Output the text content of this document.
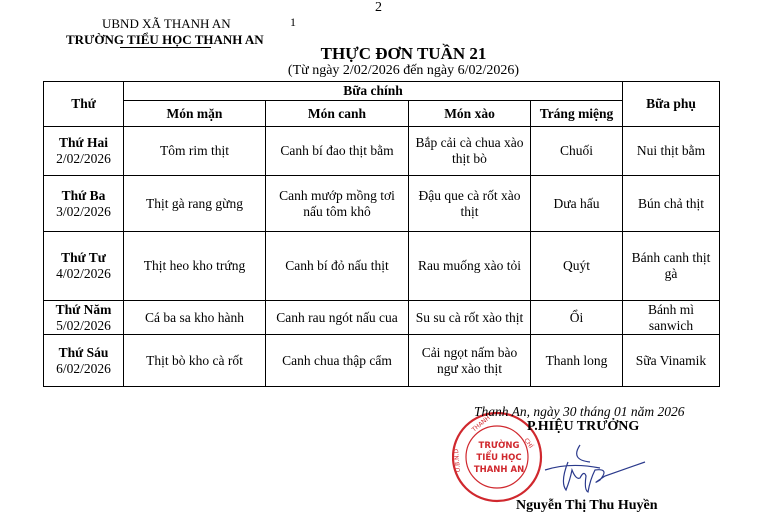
2
UBND XÃ THANH AN	1
TRƯỜNG TIỂU HỌC THANH AN
THỰC ĐƠN TUẦN 21
(Từ ngày 2/02/2026 đến ngày 6/02/2026)
Thứ	Bữa chính				Bữa phụ
	Món mặn	Món canh	Món xào	Tráng miệng	

Thứ Hai
2/02/2026	Tôm rim thịt	Canh bí đao thịt bằm	Bắp cải cà chua xào thịt bò	Chuối	Nui thịt bằm

Thứ Ba
3/02/2026	Thịt gà rang gừng	Canh mướp mồng tơi nấu tôm khô	Đậu que cà rốt xào thịt	Dưa hấu	Bún chả thịt

Thứ Tư
4/02/2026	Thịt heo kho trứng	Canh bí đỏ nấu thịt	Rau muống xào tỏi	Quýt	Bánh canh thịt gà

Thứ Năm
5/02/2026	Cá ba sa kho hành	Canh rau ngót nấu cua	Su su cà rốt xào thịt	Ổi	Bánh mì sanwich

Thứ Sáu
6/02/2026	Thịt bò kho cà rốt	Canh chua thập cẩm	Cải ngọt nấm bào ngư xào thịt	Thanh long	Sữa Vinamik
TRƯỜNG
TIỂU HỌC
THANH AN
THANH
CHÍ
U.B.N.D
Thanh An, ngày 30 tháng 01 năm 2026
P.HIỆU TRƯỞNG
Nguyễn Thị Thu Huyền
